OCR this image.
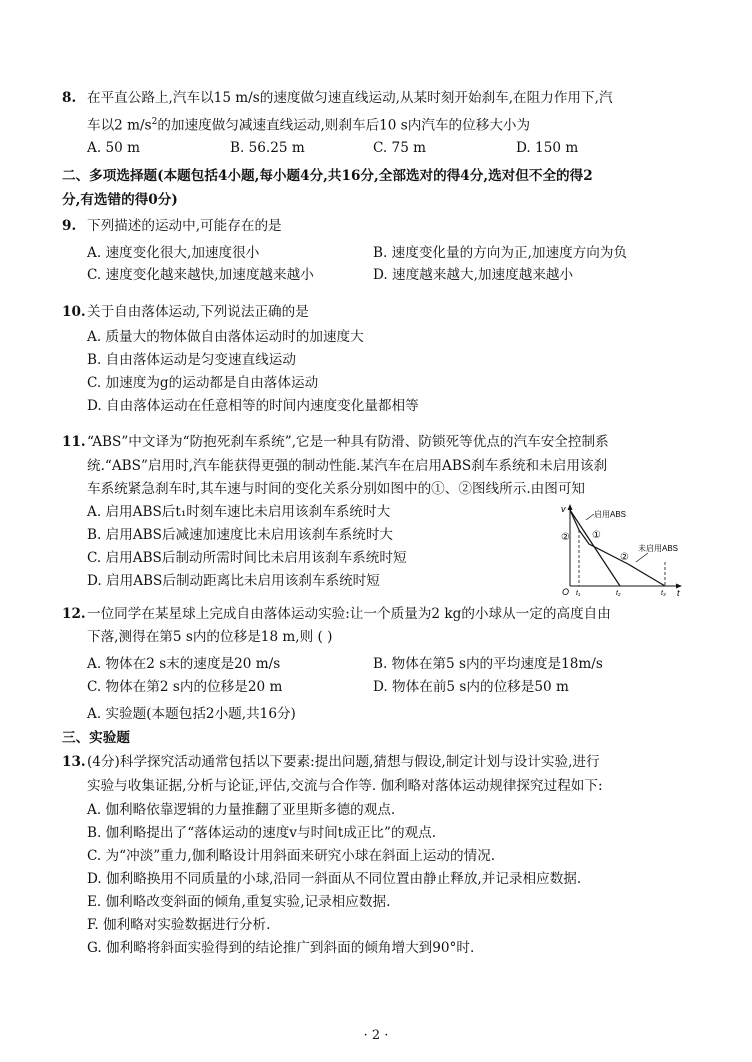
8. 在平直公路上,汽车以15 m/s的速度做匀速直线运动,从某时刻开始刹车,在阻力作用下,汽
车以2 $m/s^2$的加速度做匀减速直线运动,则刹车后10 s内汽车的位移大小为
A. 50 m	B. 56.25 m	C. 75 m	D. 150 m
二、多项选择题(本题包括4小题,每小题4分,共16分,全部选对的得4分,选对但不全的得2
分,有选错的得0分)
9. 下列描述的运动中,可能存在的是
A. 速度变化很大,加速度很小	B. 速度变化量的方向为正,加速度方向为负
C. 速度变化越来越快,加速度越来越小	D. 速度越来越大,加速度越来越小
10. 关于自由落体运动,下列说法正确的是
A. 质量大的物体做自由落体运动时的加速度大
B. 自由落体运动是匀变速直线运动
C. 加速度为g的运动都是自由落体运动
D. 自由落体运动在任意相等的时间内速度变化量都相等
11. “ABS”中文译为“防抱死刹车系统”,它是一种具有防滑、防锁死等优点的汽车安全控制系
统.“ABS”启用时,汽车能获得更强的制动性能.某汽车在启用ABS刹车系统和未启用该刹
车系统紧急刹车时,其车速与时间的变化关系分别如图中的①、②图线所示.由图可知
A. 启用ABS后t₁时刻车速比未启用该刹车系统时大
B. 启用ABS后减速加速度比未启用该刹车系统时大
C. 启用ABS后制动所需时间比未启用该刹车系统时短
D. 启用ABS后制动距离比未启用该刹车系统时短
v
t
O t₁	t₂	t₃
①
②
②
启用ABS
未启用ABS
12. 一位同学在某星球上完成自由落体运动实验:让一个质量为2 kg的小球从一定的高度自由
下落,测得在第5 s内的位移是18 m,则 ( )
A. 物体在2 s末的速度是20 m/s	B. 物体在第5 s内的平均速度是18m/s
C. 物体在第2 s内的位移是20 m	D. 物体在前5 s内的位移是50 m
A. 实验题(本题包括2小题,共16分)
三、实验题
13. (4分)科学探究活动通常包括以下要素:提出问题,猜想与假设,制定计划与设计实验,进行
实验与收集证据,分析与论证,评估,交流与合作等. 伽利略对落体运动规律探究过程如下:
A. 伽利略依靠逻辑的力量推翻了亚里斯多德的观点.
B. 伽利略提出了“落体运动的速度v与时间t成正比”的观点.
C. 为“冲淡”重力,伽利略设计用斜面来研究小球在斜面上运动的情况.
D. 伽利略换用不同质量的小球,沿同一斜面从不同位置由静止释放,并记录相应数据.
E. 伽利略改变斜面的倾角,重复实验,记录相应数据.
F. 伽利略对实验数据进行分析.
G. 伽利略将斜面实验得到的结论推广到斜面的倾角增大到90°时.
· 2 ·
